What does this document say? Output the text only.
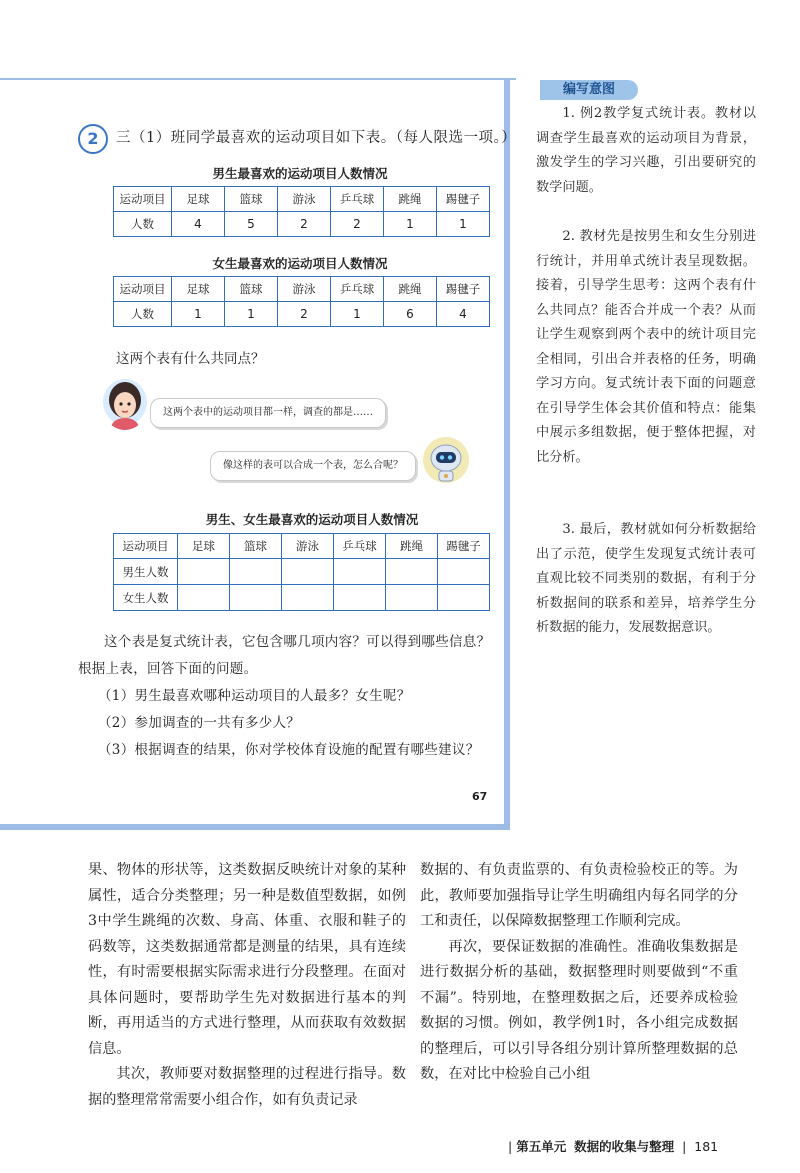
2	三（1）班同学最喜欢的运动项目如下表。（每人限选一项。）
男生最喜欢的运动项目人数情况
运动项目	足球	篮球	游泳	乒乓球	跳绳	踢毽子
人数	4	5	2	2	1	1
女生最喜欢的运动项目人数情况
运动项目	足球	篮球	游泳	乒乓球	跳绳	踢毽子
人数	1	1	2	1	6	4
这两个表有什么共同点？
这两个表中的运动项目都一样，调查的都是……
像这样的表可以合成一个表，怎么合呢？
男生、女生最喜欢的运动项目人数情况
运动项目	足球	篮球	游泳	乒乓球	跳绳	踢毽子
男生人数						
女生人数						
这个表是复式统计表，它包含哪几项内容？可以得到哪些信息？
根据上表，回答下面的问题。
（1）男生最喜欢哪种运动项目的人最多？女生呢？
（2）参加调查的一共有多少人？
（3）根据调查的结果，你对学校体育设施的配置有哪些建议？
67
编写意图
1. 例2教学复式统计表。教材以调查学生最喜欢的运动项目为背景，激发学生的学习兴趣，引出要研究的数学问题。
2. 教材先是按男生和女生分别进行统计，并用单式统计表呈现数据。接着，引导学生思考：这两个表有什么共同点？能否合并成一个表？从而让学生观察到两个表中的统计项目完全相同，引出合并表格的任务，明确学习方向。复式统计表下面的问题意在引导学生体会其价值和特点：能集中展示多组数据，便于整体把握，对比分析。
3. 最后，教材就如何分析数据给出了示范，使学生发现复式统计表可直观比较不同类别的数据，有利于分析数据间的联系和差异，培养学生分析数据的能力，发展数据意识。

果、物体的形状等，这类数据反映统计对象的某种属性，适合分类整理；另一种是数值型数据，如例3中学生跳绳的次数、身高、体重、衣服和鞋子的码数等，这类数据通常都是测量的结果，具有连续性，有时需要根据实际需求进行分段整理。在面对具体问题时，要帮助学生先对数据进行基本的判断，再用适当的方式进行整理，从而获取有效数据信息。

其次，教师要对数据整理的过程进行指导。数据的整理常常需要小组合作，如有负责记录

数据的、有负责监票的、有负责检验校正的等。为此，教师要加强指导让学生明确组内每名同学的分工和责任，以保障数据整理工作顺利完成。

再次，要保证数据的准确性。准确收集数据是进行数据分析的基础，数据整理时则要做到“不重不漏”。特别地，在整理数据之后，还要养成检验数据的习惯。例如，教学例1时，各小组完成数据的整理后，可以引导各组分别计算所整理数据的总数，在对比中检验自己小组

| 第五单元 数据的收集与整理  |  181
